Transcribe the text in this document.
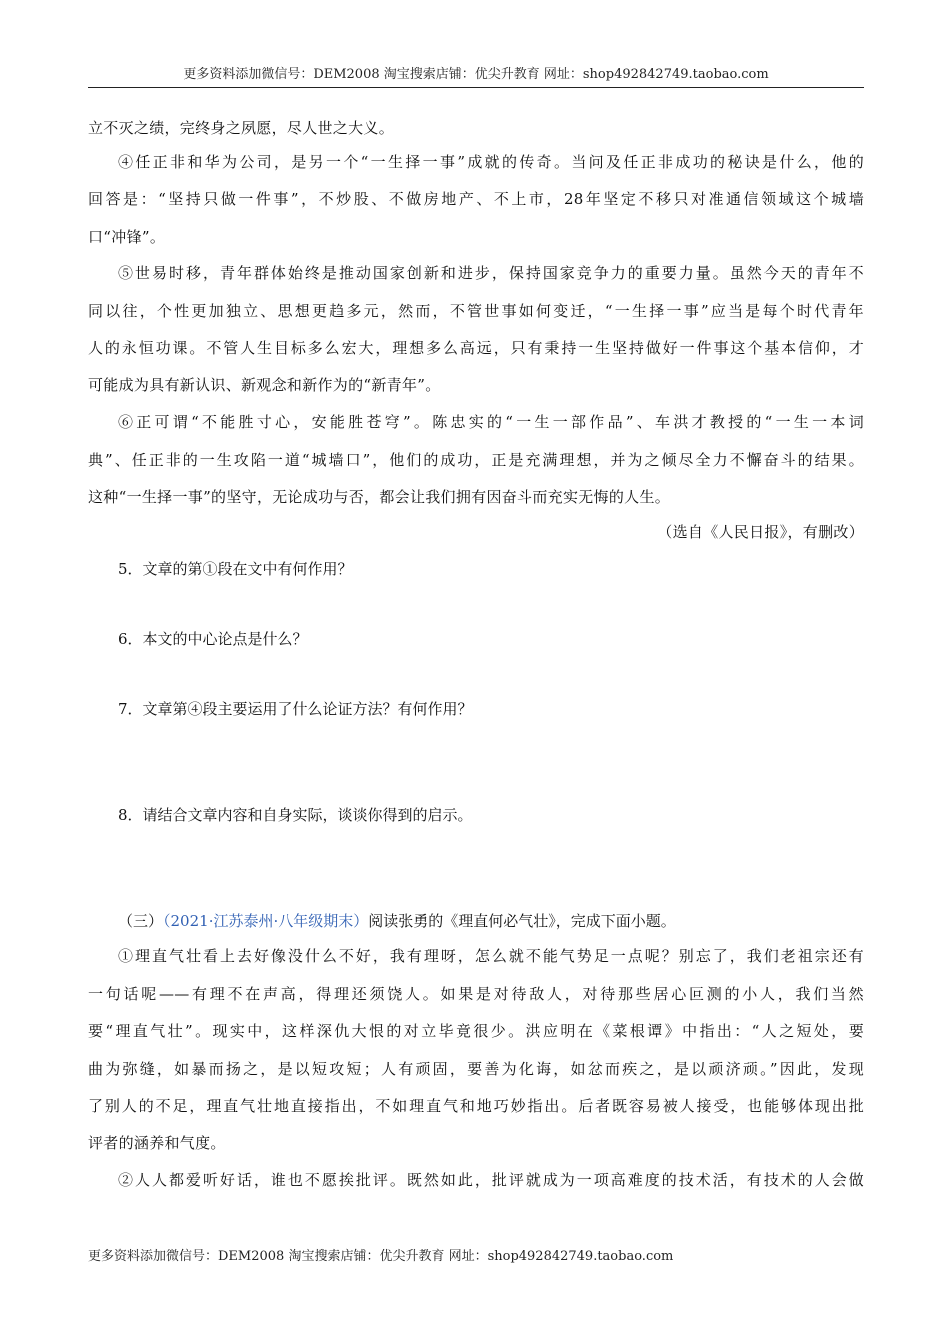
更多资料添加微信号：DEM2008 淘宝搜索店铺：优尖升教育 网址：shop492842749.taobao.com
立不灭之绩，完终身之夙愿，尽人世之大义。
④任正非和华为公司，是另一个“一生择一事”成就的传奇。当问及任正非成功的秘诀是什么，他的
回答是：“坚持只做一件事”，不炒股、不做房地产、不上市，28年坚定不移只对准通信领域这个城墙
口“冲锋”。
⑤世易时移，青年群体始终是推动国家创新和进步，保持国家竞争力的重要力量。虽然今天的青年不
同以往，个性更加独立、思想更趋多元，然而，不管世事如何变迁，“一生择一事”应当是每个时代青年
人的永恒功课。不管人生目标多么宏大，理想多么高远，只有秉持一生坚持做好一件事这个基本信仰，才
可能成为具有新认识、新观念和新作为的“新青年”。
⑥正可谓“不能胜寸心，安能胜苍穹”。陈忠实的“一生一部作品”、车洪才教授的“一生一本词
典”、任正非的一生攻陷一道“城墙口”，他们的成功，正是充满理想，并为之倾尽全力不懈奋斗的结果。
这种“一生择一事”的坚守，无论成功与否，都会让我们拥有因奋斗而充实无悔的人生。
（选自《人民日报》，有删改）
5．文章的第①段在文中有何作用？
6．本文的中心论点是什么？
7．文章第④段主要运用了什么论证方法？有何作用？
8．请结合文章内容和自身实际，谈谈你得到的启示。
（三）（2021·江苏泰州·八年级期末）阅读张勇的《理直何必气壮》，完成下面小题。
①理直气壮看上去好像没什么不好，我有理呀，怎么就不能气势足一点呢？别忘了，我们老祖宗还有
一句话呢——有理不在声高，得理还须饶人。如果是对待敌人，对待那些居心叵测的小人，我们当然
要“理直气壮”。现实中，这样深仇大恨的对立毕竟很少。洪应明在《菜根谭》中指出：“人之短处，要
曲为弥缝，如暴而扬之，是以短攻短；人有顽固，要善为化诲，如忿而疾之，是以顽济顽。”因此，发现
了别人的不足，理直气壮地直接指出，不如理直气和地巧妙指出。后者既容易被人接受，也能够体现出批
评者的涵养和气度。
②人人都爱听好话，谁也不愿挨批评。既然如此，批评就成为一项高难度的技术活，有技术的人会做
更多资料添加微信号：DEM2008 淘宝搜索店铺：优尖升教育 网址：shop492842749.taobao.com
